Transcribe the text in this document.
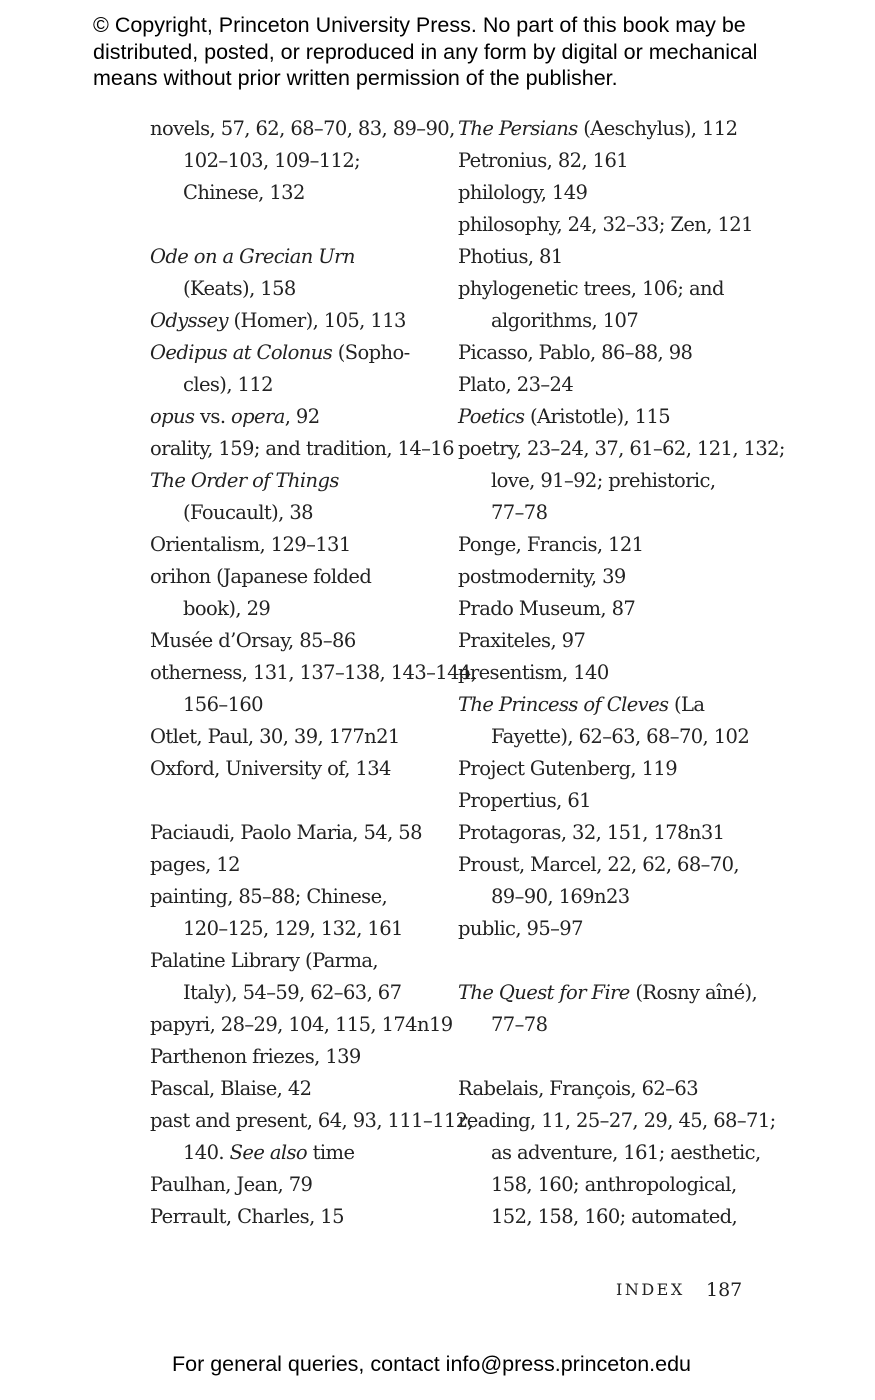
© Copyright, Princeton University Press. No part of this book may be
distributed, posted, or reproduced in any form by digital or mechanical
means without prior written permission of the publisher.
novels, 57, 62, 68–70, 83, 89–90,
102–103, 109–112;
Chinese, 132
Ode on a Grecian Urn
(Keats), 158
Odyssey (Homer), 105, 113
Oedipus at Colonus (Sopho-
cles), 112
opus vs. opera, 92
orality, 159; and tradition, 14–16
The Order of Things
(Foucault), 38
Orientalism, 129–131
orihon (Japanese folded
book), 29
Musée d’Orsay, 85–86
otherness, 131, 137–138, 143–144,
156–160
Otlet, Paul, 30, 39, 177n21
Oxford, University of, 134
Paciaudi, Paolo Maria, 54, 58
pages, 12
painting, 85–88; Chinese,
120–125, 129, 132, 161
Palatine Library (Parma,
Italy), 54–59, 62–63, 67
papyri, 28–29, 104, 115, 174n19
Parthenon friezes, 139
Pascal, Blaise, 42
past and present, 64, 93, 111–112,
140. See also time
Paulhan, Jean, 79
Perrault, Charles, 15
The Persians (Aeschylus), 112
Petronius, 82, 161
philology, 149
philosophy, 24, 32–33; Zen, 121
Photius, 81
phylogenetic trees, 106; and
algorithms, 107
Picasso, Pablo, 86–88, 98
Plato, 23–24
Poetics (Aristotle), 115
poetry, 23–24, 37, 61–62, 121, 132;
love, 91–92; prehistoric,
77–78
Ponge, Francis, 121
postmodernity, 39
Prado Museum, 87
Praxiteles, 97
presentism, 140
The Princess of Cleves (La
Fayette), 62–63, 68–70, 102
Project Gutenberg, 119
Propertius, 61
Protagoras, 32, 151, 178n31
Proust, Marcel, 22, 62, 68–70,
89–90, 169n23
public, 95–97
The Quest for Fire (Rosny aîné),
77–78
Rabelais, François, 62–63
reading, 11, 25–27, 29, 45, 68–71;
as adventure, 161; aesthetic,
158, 160; anthropological,
152, 158, 160; automated,
INDEX 187
For general queries, contact info@press.princeton.edu
